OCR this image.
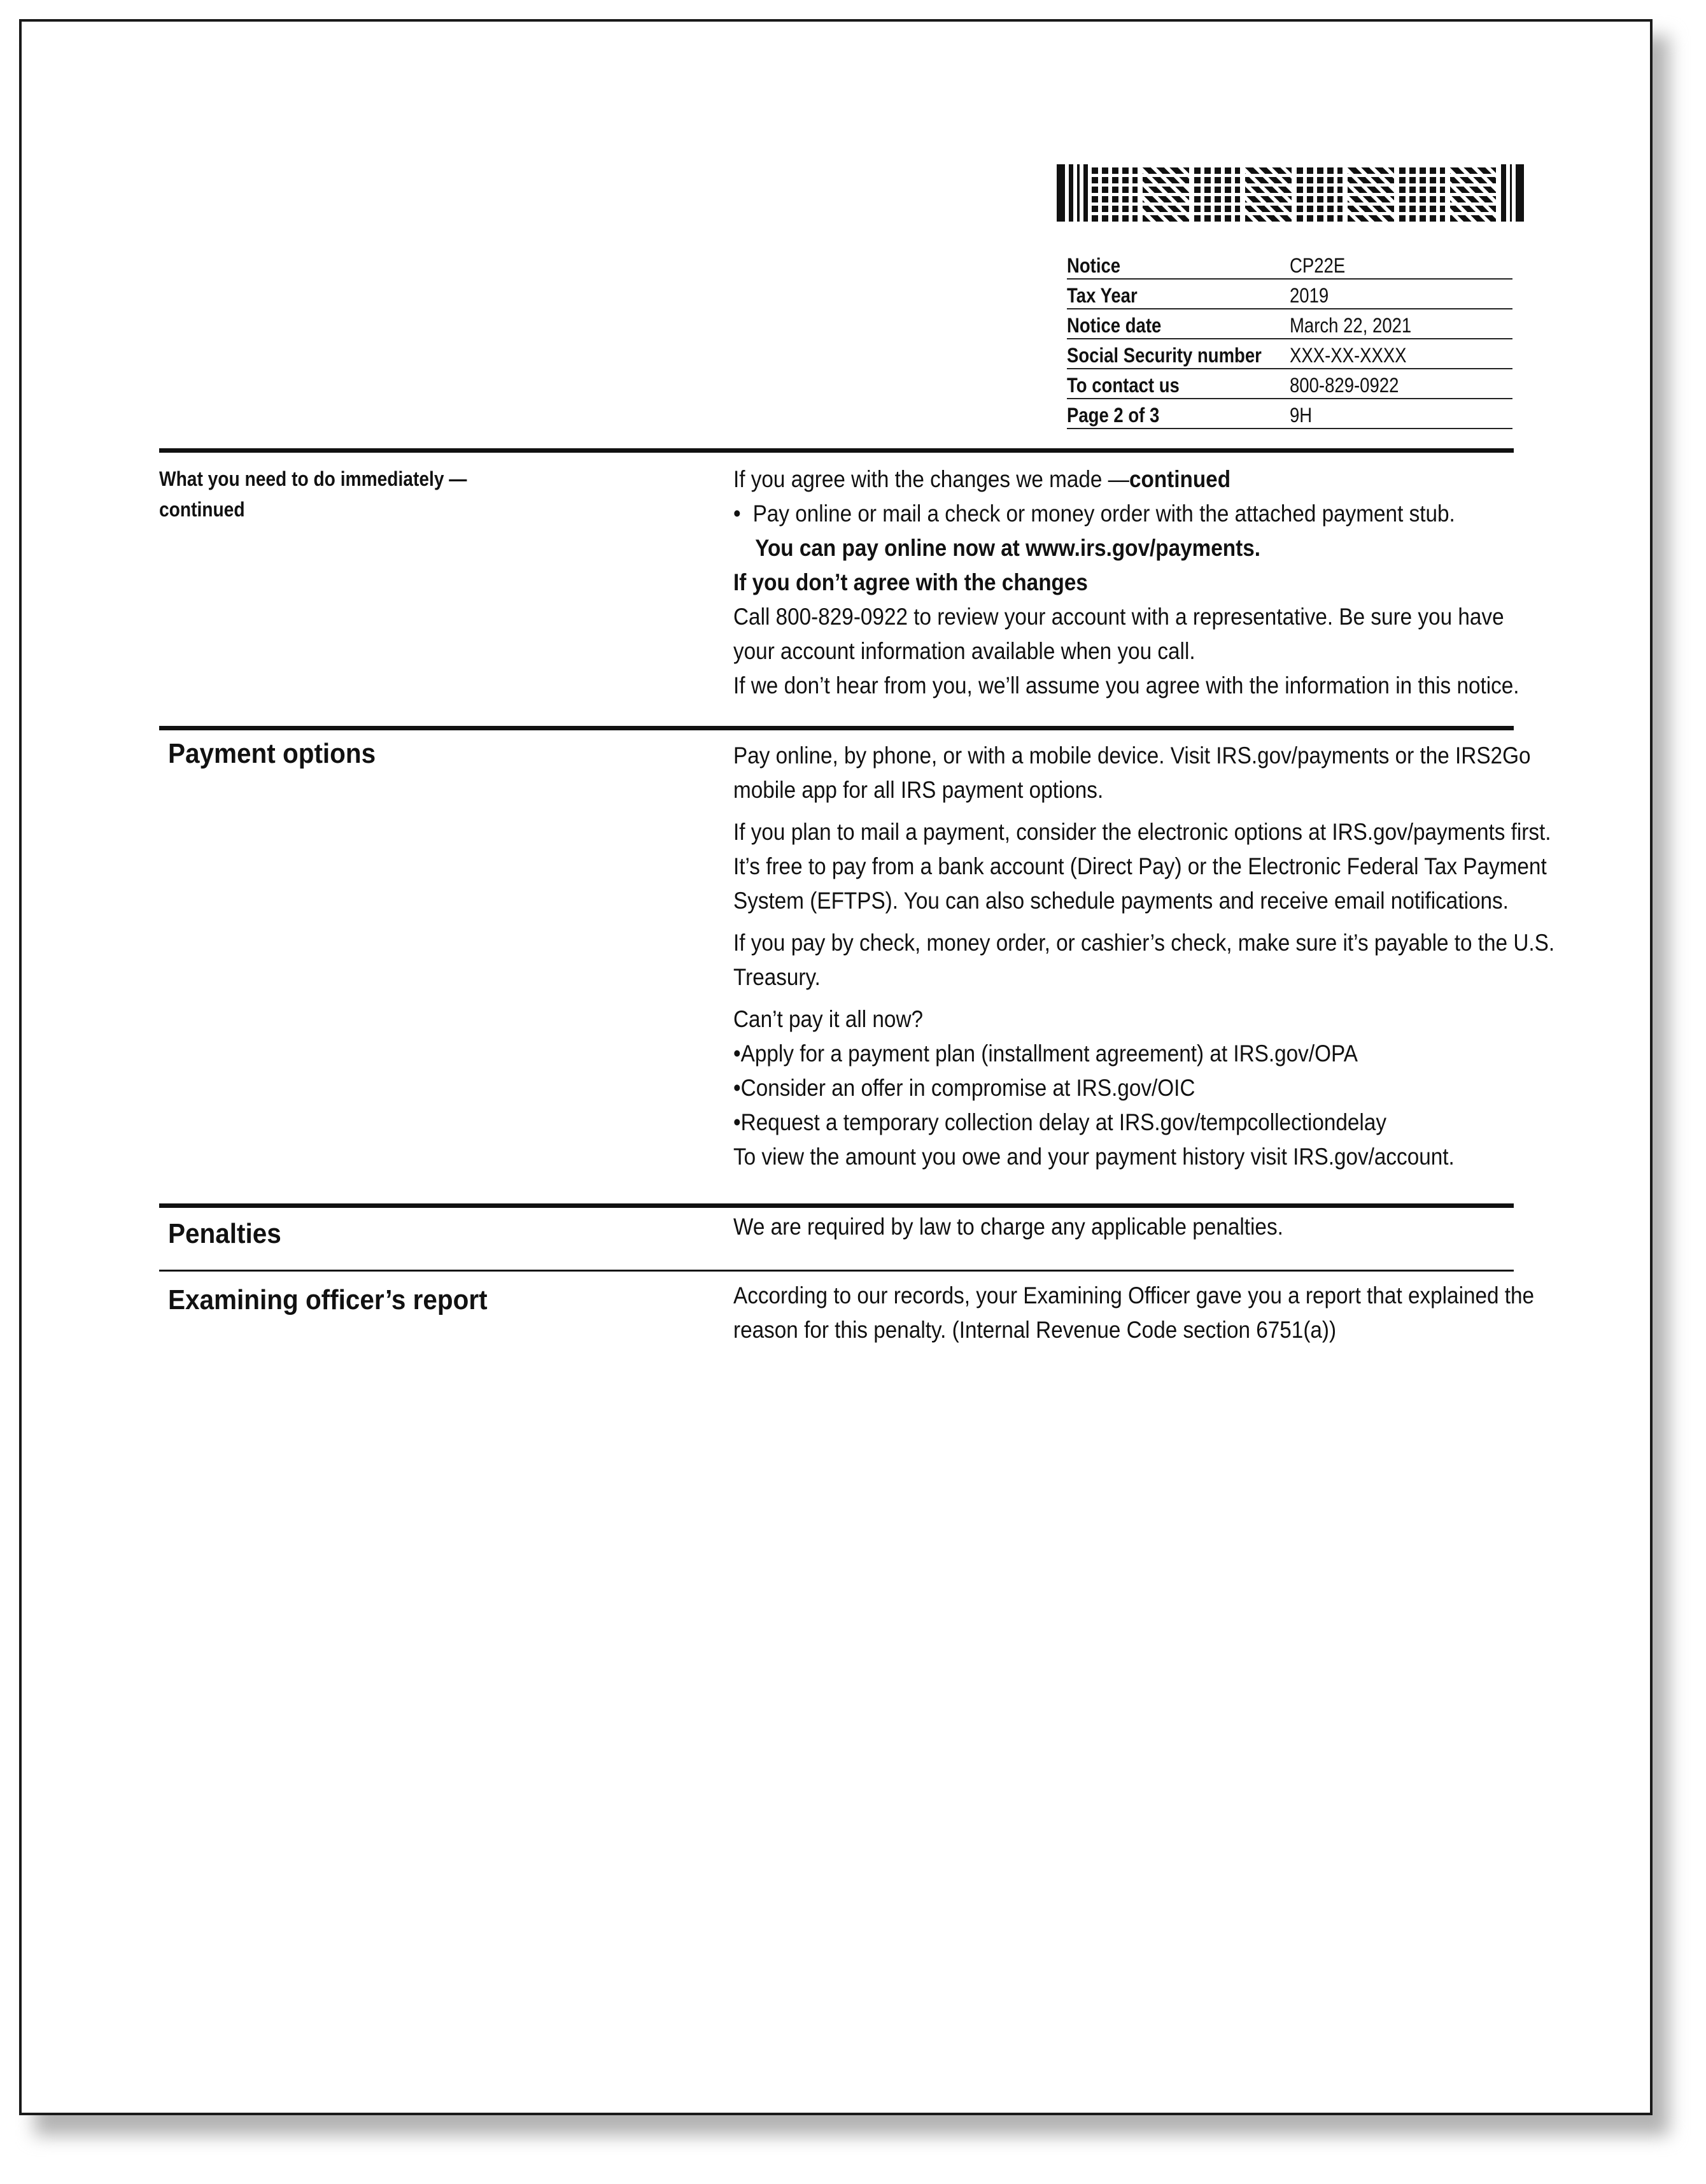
Notice	CP22E
Tax Year	2019
Notice date	March 22, 2021
Social Security number XXX-XX-XXXX
To contact us	800-829-0922
Page 2 of 3	9H
What you need to do immediately —
continued

If you agree with the changes we made —continued

• Pay online or mail a check or money order with the attached payment stub.

You can pay online now at www.irs.gov/payments.

If you don’t agree with the changes

Call 800-829-0922 to review your account with a representative. Be sure you have

your account information available when you call.

If we don’t hear from you, we’ll assume you agree with the information in this notice.

Payment options	Pay online, by phone, or with a mobile device. Visit IRS.gov/payments or the IRS2Go

mobile app for all IRS payment options.

If you plan to mail a payment, consider the electronic options at IRS.gov/payments first.

It’s free to pay from a bank account (Direct Pay) or the Electronic Federal Tax Payment

System (EFTPS). You can also schedule payments and receive email notifications.

If you pay by check, money order, or cashier’s check, make sure it’s payable to the U.S.

Treasury.

Can’t pay it all now?

•Apply for a payment plan (installment agreement) at IRS.gov/OPA

•Consider an offer in compromise at IRS.gov/OIC

•Request a temporary collection delay at IRS.gov/tempcollectiondelay

To view the amount you owe and your payment history visit IRS.gov/account.

Penalties	We are required by law to charge any applicable penalties.

Examining officer’s report	According to our records, your Examining Officer gave you a report that explained the

reason for this penalty. (Internal Revenue Code section 6751(a))
